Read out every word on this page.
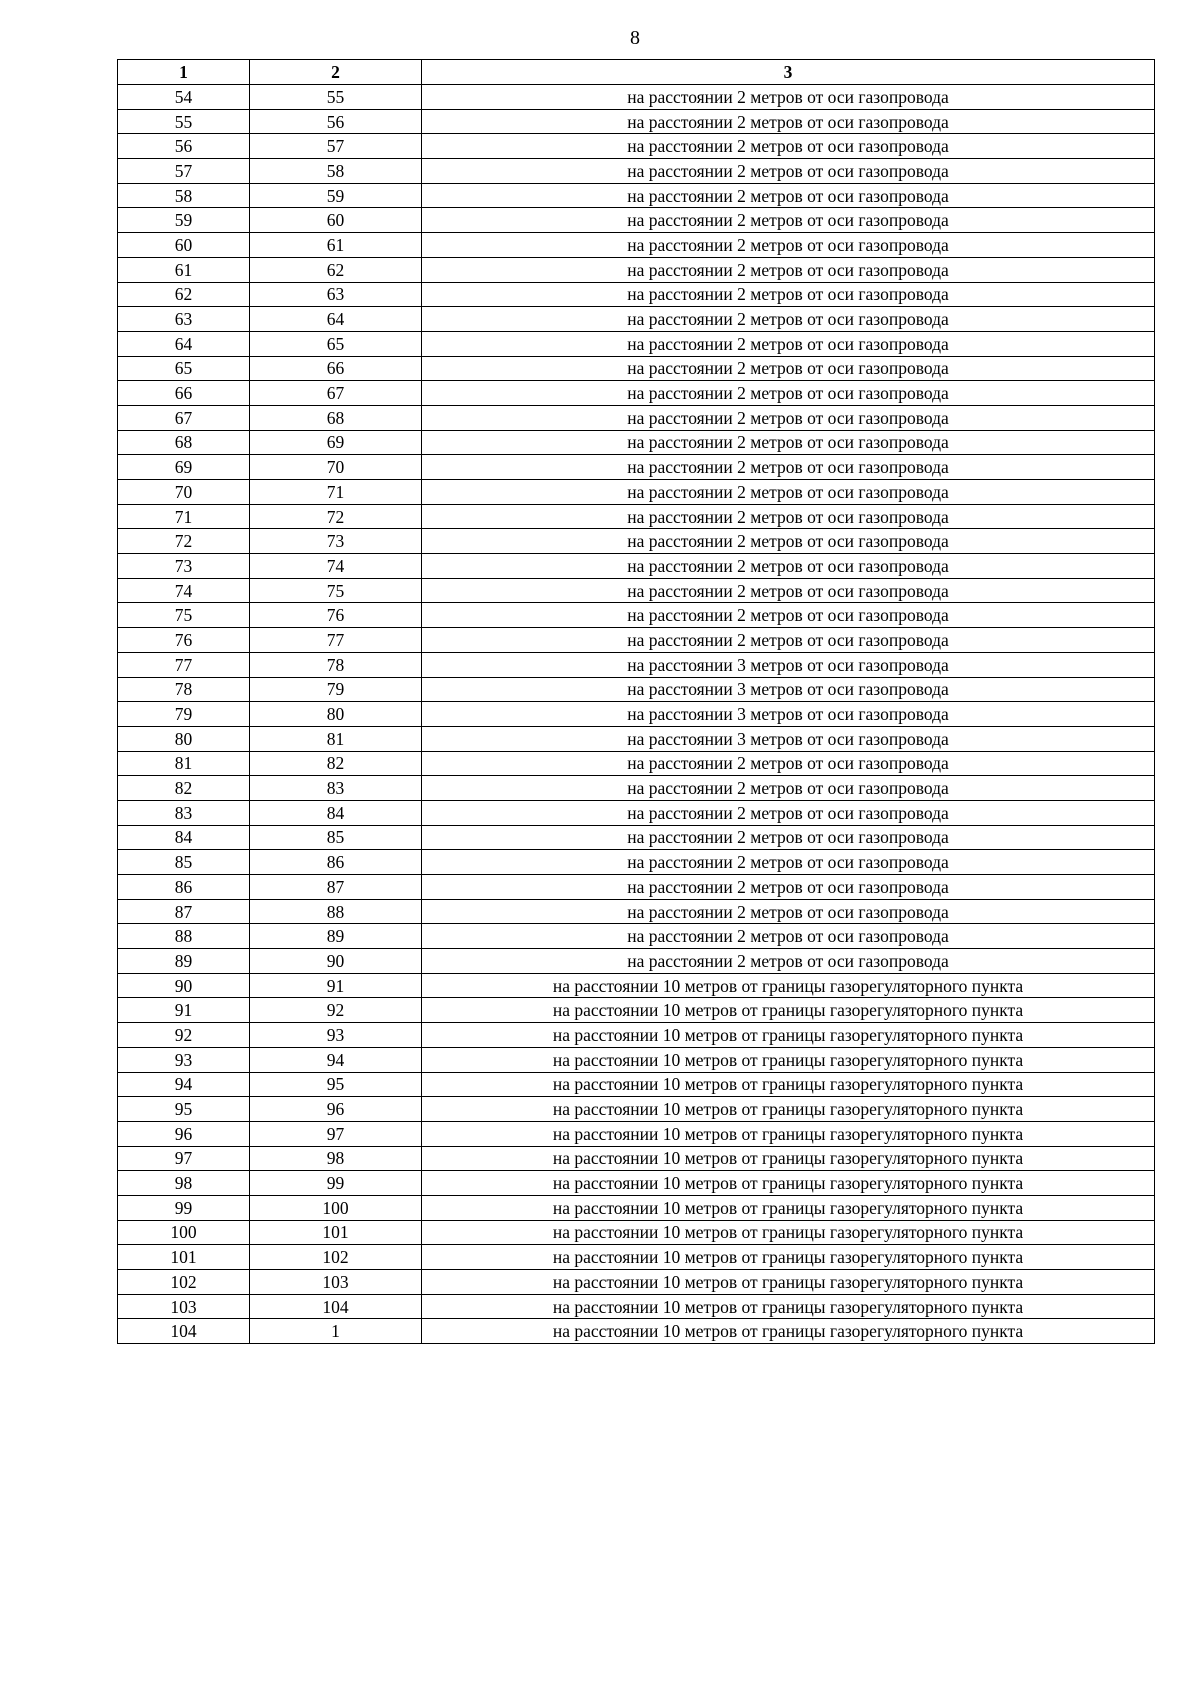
8
1	2	3
54	55	на расстоянии 2 метров от оси газопровода
55	56	на расстоянии 2 метров от оси газопровода
56	57	на расстоянии 2 метров от оси газопровода
57	58	на расстоянии 2 метров от оси газопровода
58	59	на расстоянии 2 метров от оси газопровода
59	60	на расстоянии 2 метров от оси газопровода
60	61	на расстоянии 2 метров от оси газопровода
61	62	на расстоянии 2 метров от оси газопровода
62	63	на расстоянии 2 метров от оси газопровода
63	64	на расстоянии 2 метров от оси газопровода
64	65	на расстоянии 2 метров от оси газопровода
65	66	на расстоянии 2 метров от оси газопровода
66	67	на расстоянии 2 метров от оси газопровода
67	68	на расстоянии 2 метров от оси газопровода
68	69	на расстоянии 2 метров от оси газопровода
69	70	на расстоянии 2 метров от оси газопровода
70	71	на расстоянии 2 метров от оси газопровода
71	72	на расстоянии 2 метров от оси газопровода
72	73	на расстоянии 2 метров от оси газопровода
73	74	на расстоянии 2 метров от оси газопровода
74	75	на расстоянии 2 метров от оси газопровода
75	76	на расстоянии 2 метров от оси газопровода
76	77	на расстоянии 2 метров от оси газопровода
77	78	на расстоянии 3 метров от оси газопровода
78	79	на расстоянии 3 метров от оси газопровода
79	80	на расстоянии 3 метров от оси газопровода
80	81	на расстоянии 3 метров от оси газопровода
81	82	на расстоянии 2 метров от оси газопровода
82	83	на расстоянии 2 метров от оси газопровода
83	84	на расстоянии 2 метров от оси газопровода
84	85	на расстоянии 2 метров от оси газопровода
85	86	на расстоянии 2 метров от оси газопровода
86	87	на расстоянии 2 метров от оси газопровода
87	88	на расстоянии 2 метров от оси газопровода
88	89	на расстоянии 2 метров от оси газопровода
89	90	на расстоянии 2 метров от оси газопровода
90	91	на расстоянии 10 метров от границы газорегуляторного пункта
91	92	на расстоянии 10 метров от границы газорегуляторного пункта
92	93	на расстоянии 10 метров от границы газорегуляторного пункта
93	94	на расстоянии 10 метров от границы газорегуляторного пункта
94	95	на расстоянии 10 метров от границы газорегуляторного пункта
95	96	на расстоянии 10 метров от границы газорегуляторного пункта
96	97	на расстоянии 10 метров от границы газорегуляторного пункта
97	98	на расстоянии 10 метров от границы газорегуляторного пункта
98	99	на расстоянии 10 метров от границы газорегуляторного пункта
99	100	на расстоянии 10 метров от границы газорегуляторного пункта
100	101	на расстоянии 10 метров от границы газорегуляторного пункта
101	102	на расстоянии 10 метров от границы газорегуляторного пункта
102	103	на расстоянии 10 метров от границы газорегуляторного пункта
103	104	на расстоянии 10 метров от границы газорегуляторного пункта
104	1	на расстоянии 10 метров от границы газорегуляторного пункта
